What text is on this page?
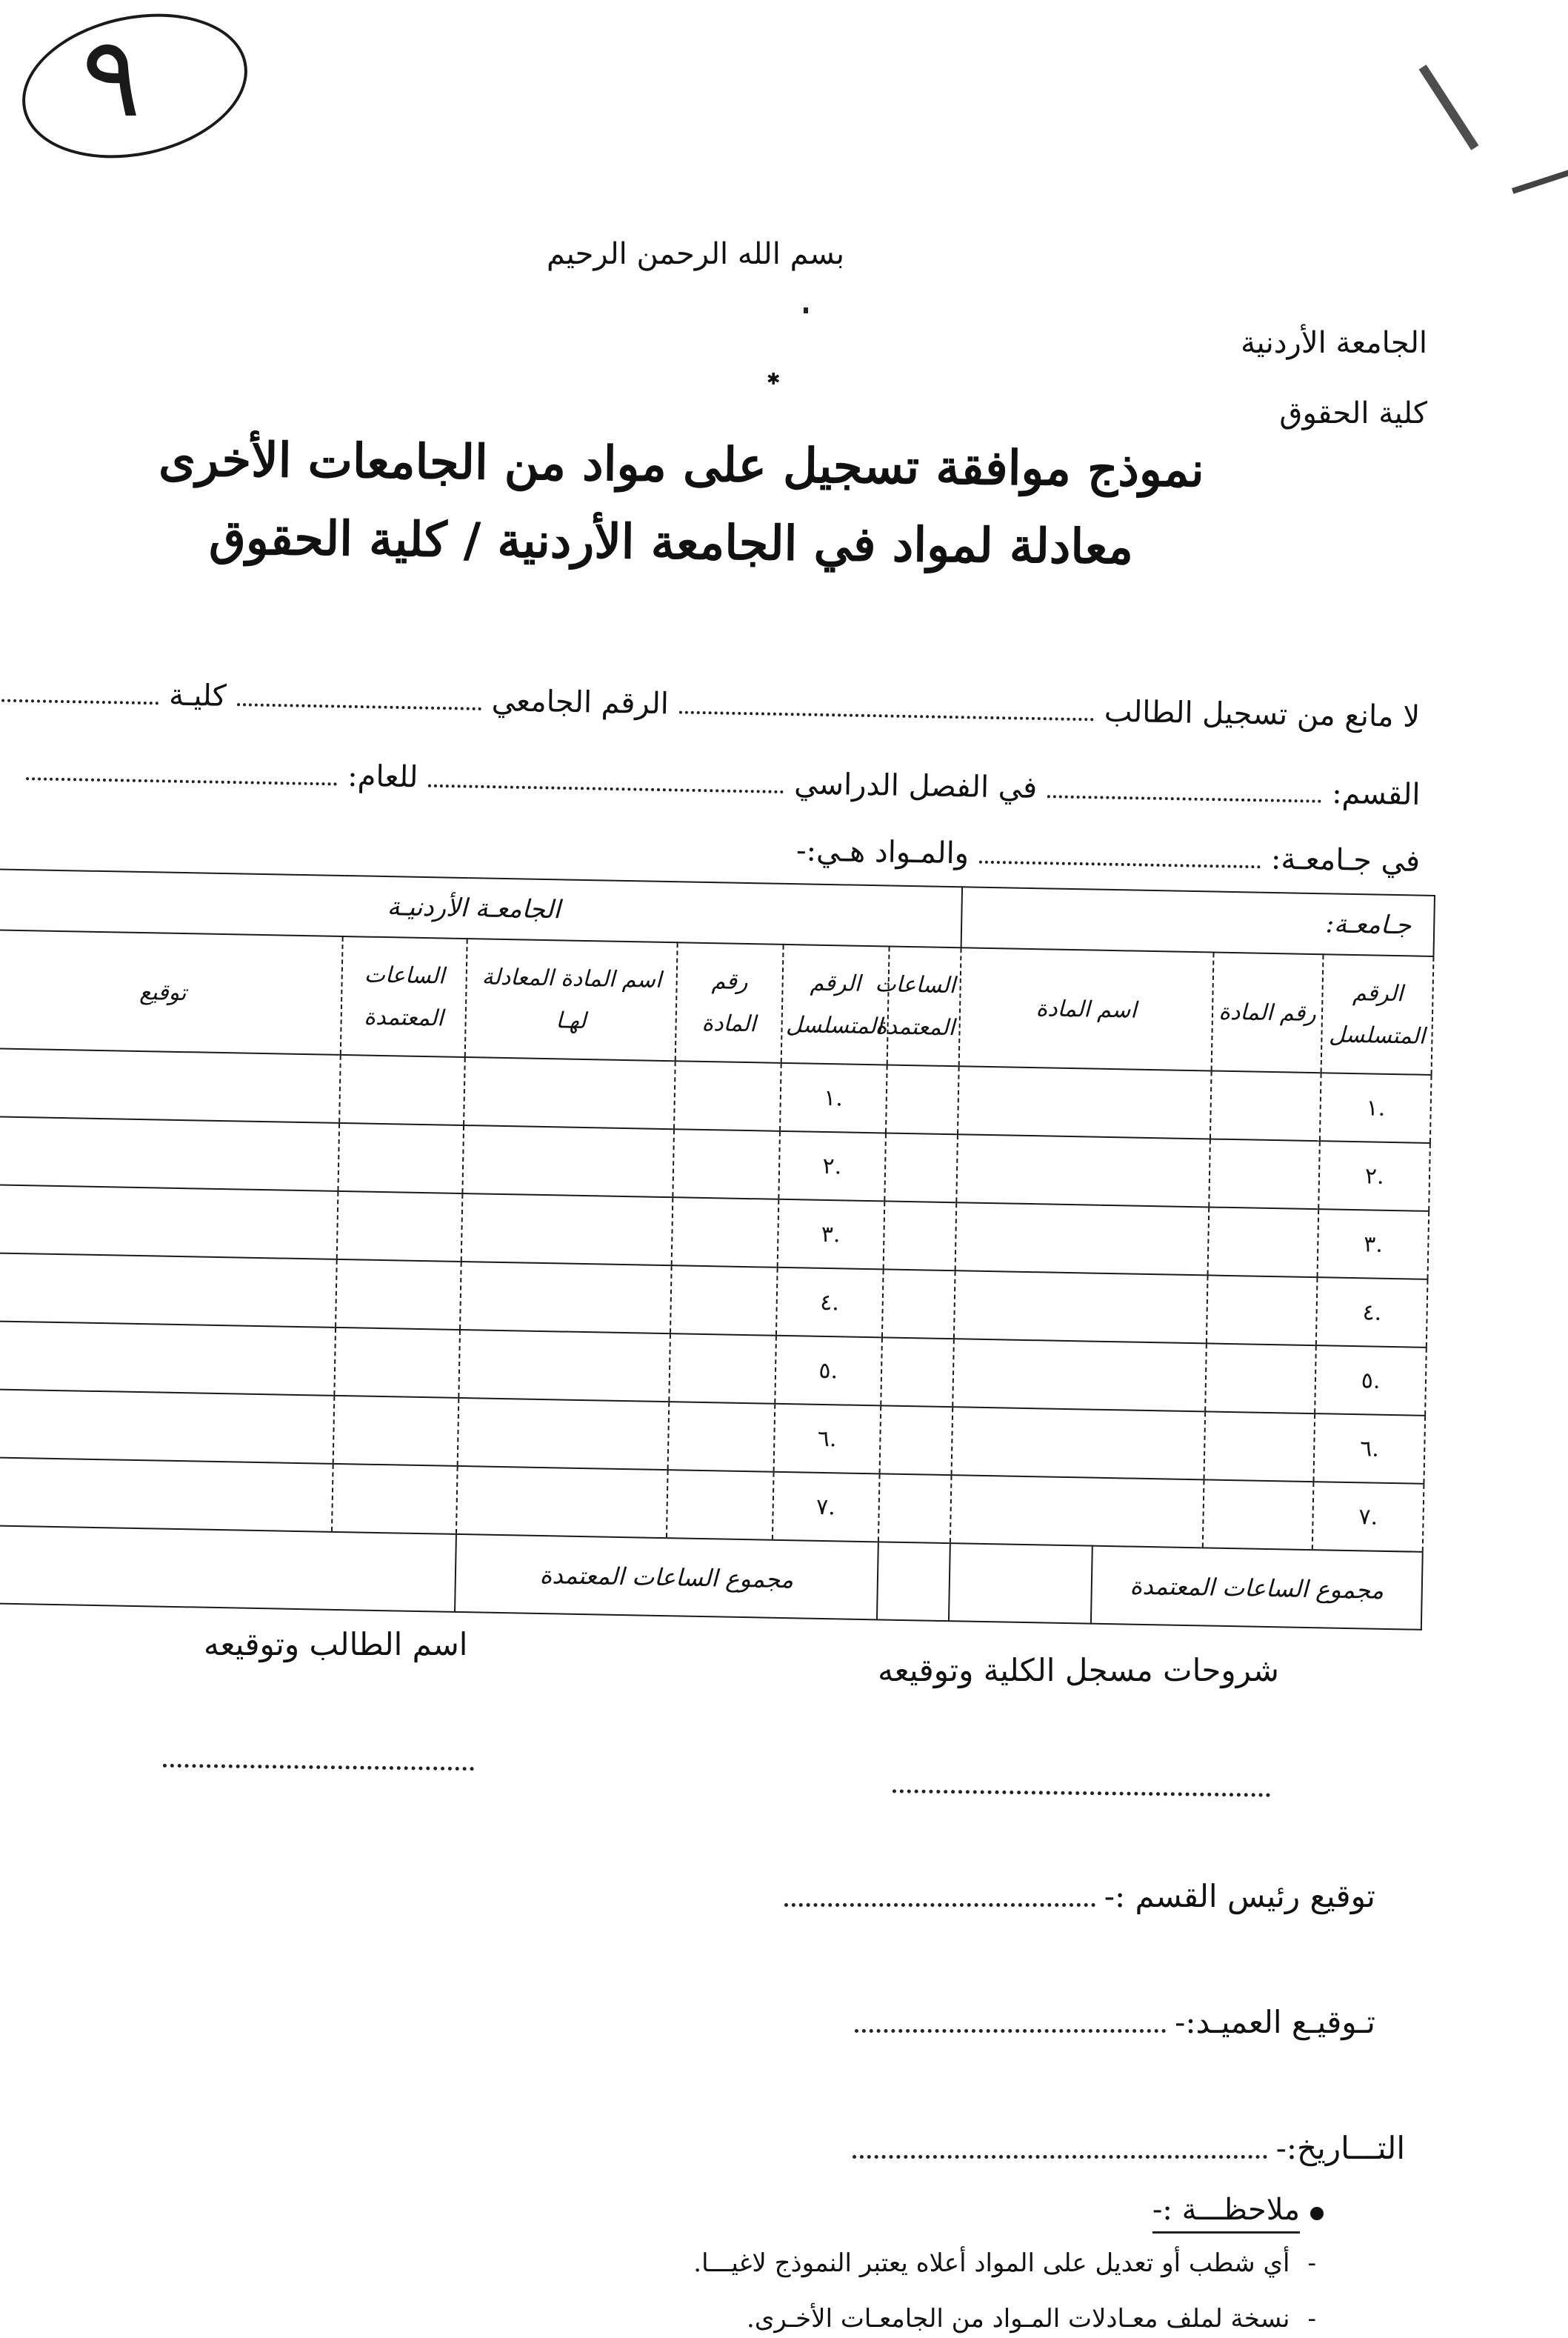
٩
بسم الله الرحمن الرحيم
✱
الجامعة الأردنية
كلية الحقوق
نموذج موافقة تسجيل على مواد من الجامعات الأخرى
معادلة لمواد في الجامعة الأردنية / كلية الحقوق
لا مانع من تسجيل الطالب
الرقم الجامعي
كليـة
القسم:
في الفصل الدراسي
للعام:
في جـامعـة:
والمـواد هـي:-
جـامعـة:				الجامعـة الأردنيـة					
الرقم المتسلسل	رقم المادة	اسم المادة		الساعات المعتمدة	الرقم المتسلسل	رقم المادة	اسم المادة المعادلة لهـا	الساعات المعتمدة	توقيع
.١					.١				
.٢					.٢				
.٣					.٣				
.٤					.٤				
.٥					.٥				
.٦					.٦				
.٧					.٧				
مجموع الساعات المعتمدة					مجموع الساعات المعتمدة				
اسم الطالب وتوقيعه
شروحات مسجل الكلية وتوقيعه
توقيع رئيس القسم :-
تـوقيـع العميـد:-
التـــاريخ:-
ملاحظـــة :-
-
أي شطب أو تعديل على المواد أعلاه يعتبر النموذج لاغيـــا.
-
نسخة لملف معـادلات المـواد من الجامعـات الأخـرى.
